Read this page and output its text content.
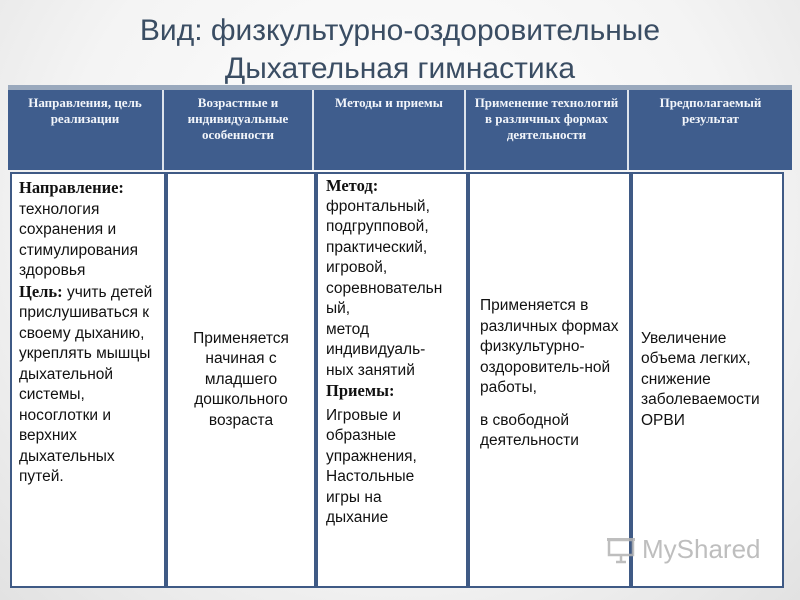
Вид: физкультурно-оздоровительные
Дыхательная гимнастика
Направления, цель реализации
Возрастные и индивидуальные особенности
Методы и приемы	Применение технологий в различных формах деятельности
Предполагаемый результат
Направление:
технология сохранения и стимулирования здоровья
Цель: учить детей прислушиваться к своему дыханию, укреплять мышцы дыхательной системы, носоглотки и верхних дыхательных путей.
Применяется начиная с младшего дошкольного возраста
Метод:
фронтальный,
подгрупповой,
практический,
игровой,
соревновательн
ый,
метод
индивидуаль-
ных занятий
Приемы:
Игровые и
образные
упражнения,
Настольные
игры на
дыхание

Применяется в различных формах физкультурно-оздоровитель-ной работы,

в свободной деятельности

Увеличение объема легких, снижение заболеваемости ОРВИ
MyShared
